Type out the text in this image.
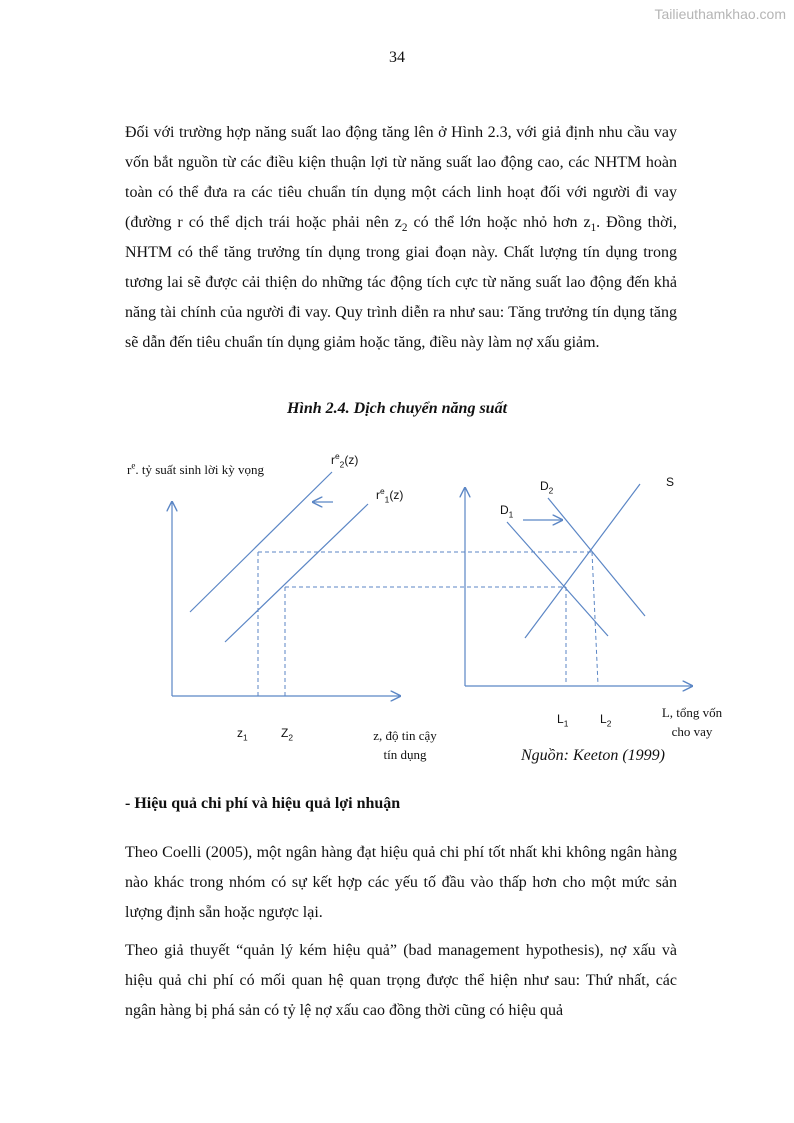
Tailieuthamkhao.com
34

Đối với trường hợp năng suất lao động tăng lên ở Hình 2.3, với giả định nhu cầu vay vốn bắt nguồn từ các điều kiện thuận lợi từ năng suất lao động cao, các NHTM hoàn toàn có thể đưa ra các tiêu chuẩn tín dụng một cách linh hoạt đối với người đi vay (đường r có thể dịch trái hoặc phải nên $z_2$ có thể lớn hoặc nhỏ hơn $z_1$. Đồng thời, NHTM có thể tăng trưởng tín dụng trong giai đoạn này. Chất lượng tín dụng trong tương lai sẽ được cải thiện do những tác động tích cực từ năng suất lao động đến khả năng tài chính của người đi vay. Quy trình diễn ra như sau: Tăng trưởng tín dụng tăng sẽ dẫn đến tiêu chuẩn tín dụng giảm hoặc tăng, điều này làm nợ xấu giảm.

Hình 2.4. Dịch chuyển năng suất
$r^e$. tỷ suất sinh lời kỳ vọng
$r^e_2(z)$
$r^e_1(z)$
$z_1$	$Z_2$	z, độ tin cậy
tín dụng
$D_2$
$D_1$
S
$L_1$	$L_2$
L, tổng vốn
cho vay
Nguồn: Keeton (1999)
- Hiệu quả chi phí và hiệu quả lợi nhuận

Theo Coelli (2005), một ngân hàng đạt hiệu quả chi phí tốt nhất khi không ngân hàng nào khác trong nhóm có sự kết hợp các yếu tố đầu vào thấp hơn cho một mức sản lượng định sẵn hoặc ngược lại.

Theo giả thuyết “quản lý kém hiệu quả” (bad management hypothesis), nợ xấu và hiệu quả chi phí có mối quan hệ quan trọng được thể hiện như sau: Thứ nhất, các ngân hàng bị phá sản có tỷ lệ nợ xấu cao đồng thời cũng có hiệu quả
